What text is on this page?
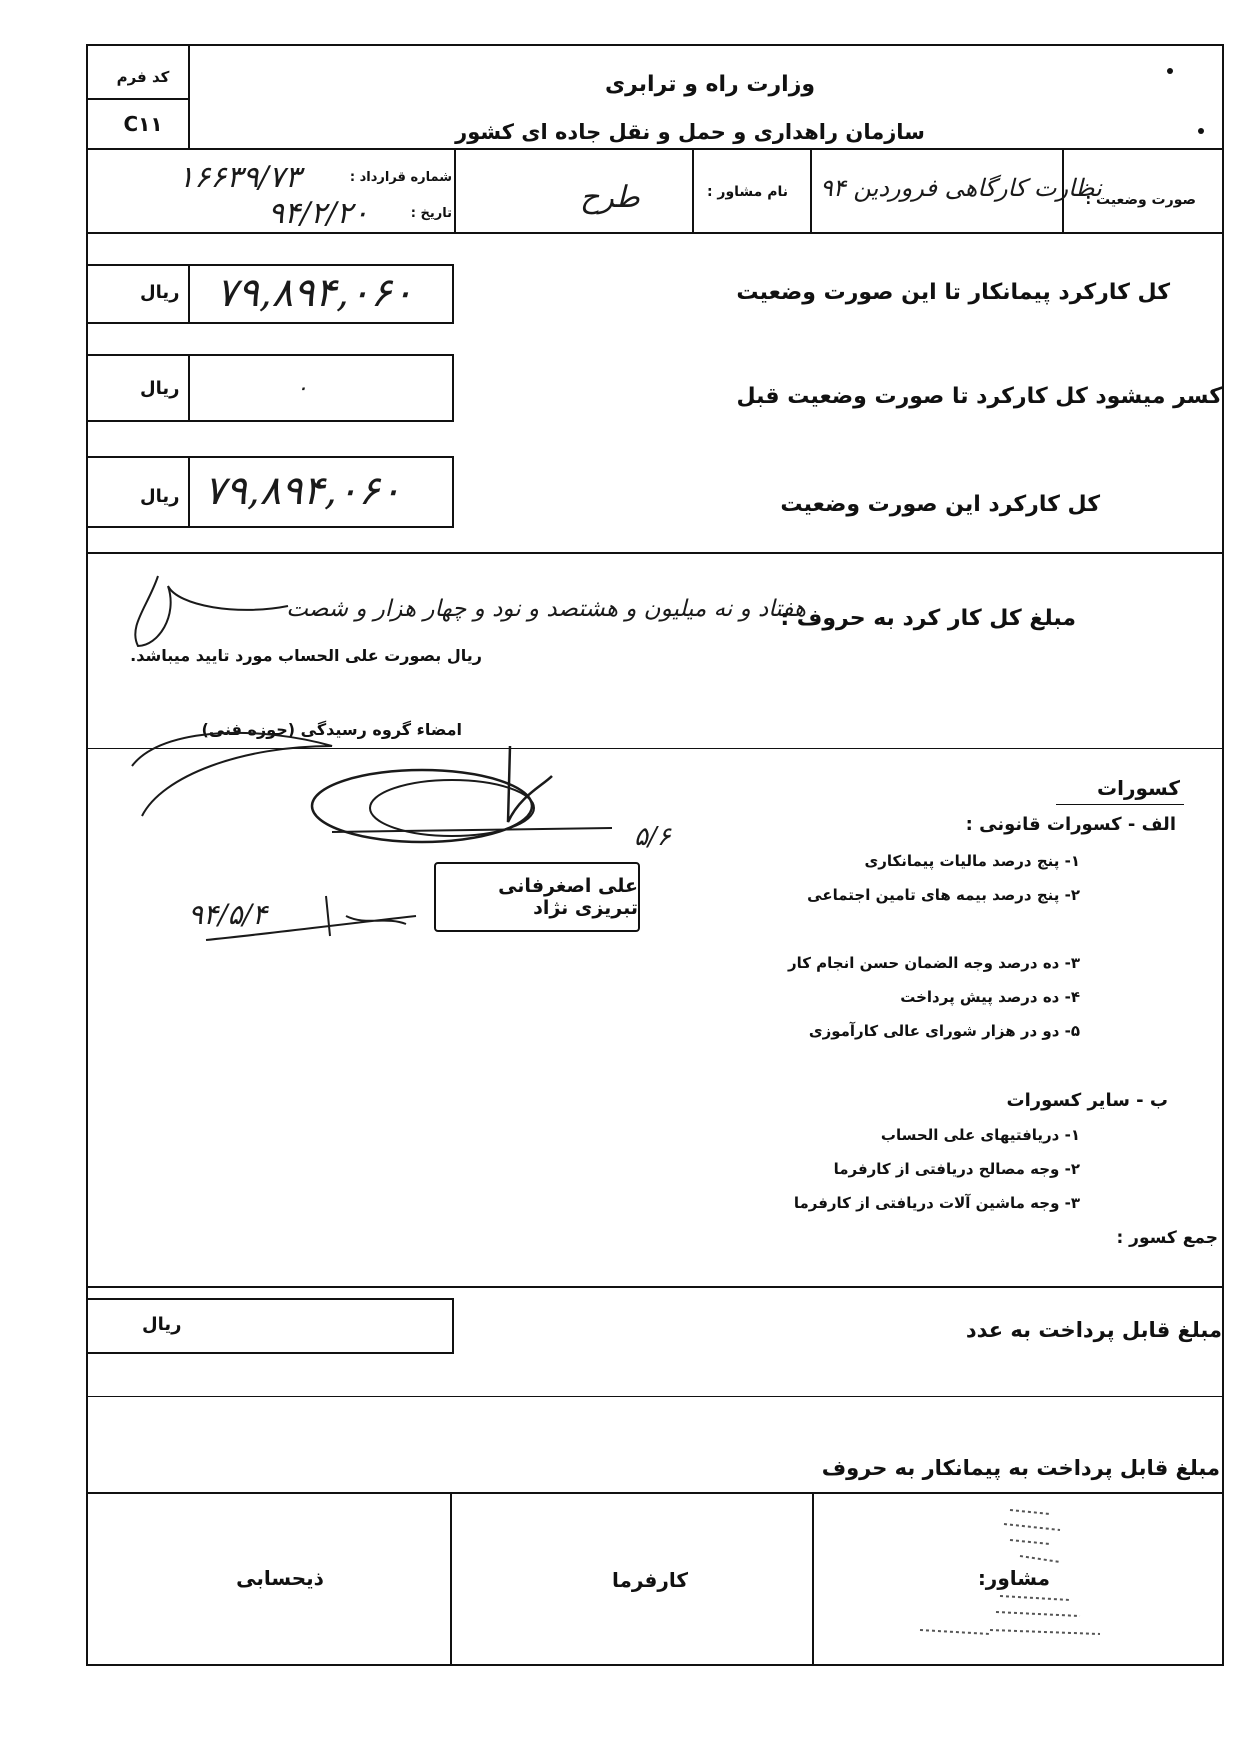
کد فرم
C۱۱
وزارت راه و ترابری
سازمان راهداری و حمل و نقل جاده ای کشور
شماره قرارداد :
۱۶۶۳۹/۷۳
تاریخ :
۹۴/۲/۲۰
نام مشاور :
طرح	صورت وضعیت :
نظارت کارگاهی فروردین ۹۴
ریال ۷۹,۸۹۴,۰۶۰	کل کارکرد پیمانکار تا این صورت وضعیت
ریال	۰	کسر میشود کل کارکرد تا صورت وضعیت قبل
ریال ۷۹,۸۹۴,۰۶۰	کل کارکرد این صورت وضعیت
مبلغ کل کار کرد به حروف :
هفتاد و نه میلیون و هشتصد و نود و چهار هزار و شصت
ریال بصورت علی الحساب مورد تایید میباشد.
امضاء گروه رسیدگی (حوزه فنی)
علی اصغرفانی تبریزی نژاد
۹۴/۵/۴
۵/۶
کسورات
الف - کسورات قانونی :
۱- پنج درصد مالیات پیمانکاری
۲- پنج درصد بیمه های تامین اجتماعی
۳- ده درصد وجه الضمان حسن انجام کار
۴- ده درصد پیش پرداخت
۵- دو در هزار شورای عالی کارآموزی
ب - سایر کسورات
۱- دریافتیهای علی الحساب
۲- وجه مصالح دریافتی از کارفرما
۳- وجه ماشین آلات دریافتی از کارفرما
جمع کسور :
ریال	مبلغ قابل پرداخت به عدد
مبلغ قابل پرداخت به پیمانکار به حروف
ذیحسابی	کارفرما	مشاور:
